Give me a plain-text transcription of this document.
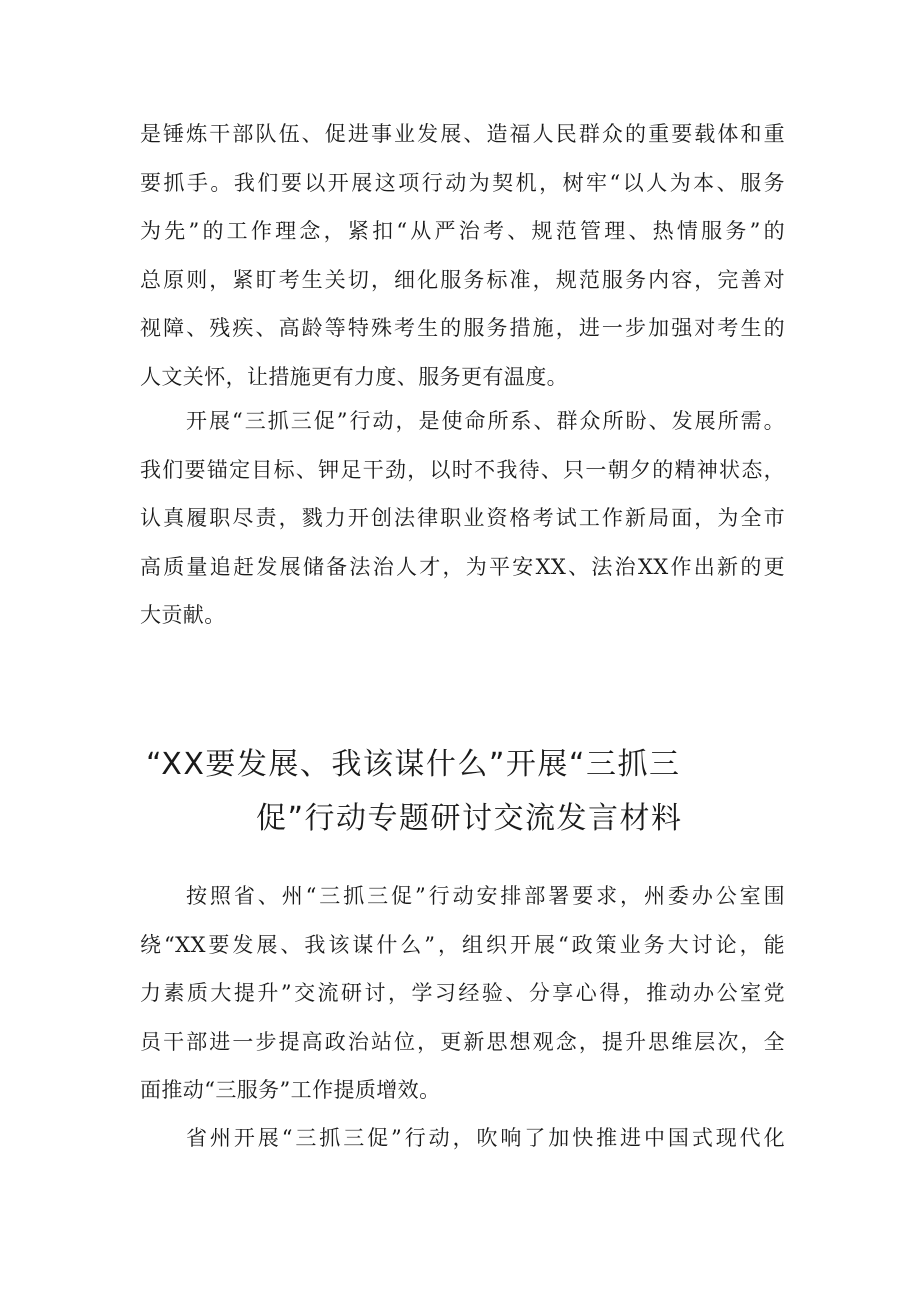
是锤炼干部队伍、促进事业发展、造福人民群众的重要载体和重
要抓手。我们要以开展这项行动为契机，树牢“以人为本、服务
为先”的工作理念，紧扣“从严治考、规范管理、热情服务”的
总原则，紧盯考生关切，细化服务标准，规范服务内容，完善对
视障、残疾、高龄等特殊考生的服务措施，进一步加强对考生的
人文关怀，让措施更有力度、服务更有温度。
开展“三抓三促”行动，是使命所系、群众所盼、发展所需。
我们要锚定目标、钾足干劲，以时不我待、只一朝夕的精神状态，
认真履职尽责，戮力开创法律职业资格考试工作新局面，为全市
高质量追赶发展储备法治人才，为平安XX、法治XX作出新的更
大贡献。
“XX要发展、我该谋什么”开展“三抓三
促”行动专题研讨交流发言材料
按照省、州“三抓三促”行动安排部署要求，州委办公室围
绕“XX要发展、我该谋什么”，组织开展“政策业务大讨论，能
力素质大提升”交流研讨，学习经验、分享心得，推动办公室党
员干部进一步提高政治站位，更新思想观念，提升思维层次，全
面推动“三服务”工作提质增效。
省州开展“三抓三促”行动，吹响了加快推进中国式现代化
